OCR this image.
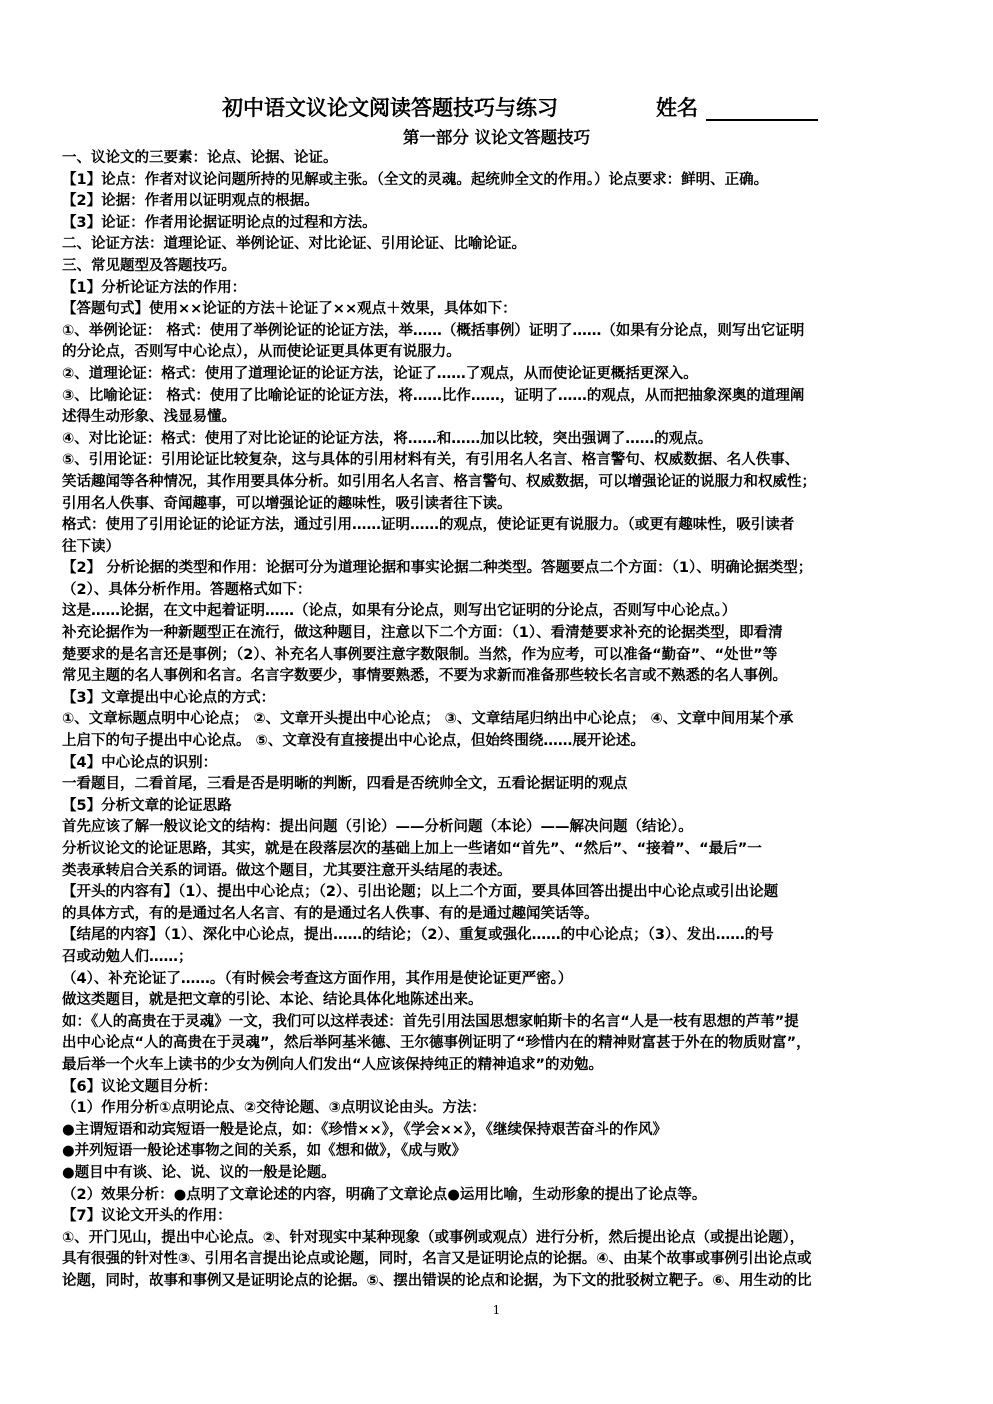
初中语文议论文阅读答题技巧与练习	姓名
第一部分 议论文答题技巧
一、议论文的三要素：论点、论据、论证。
【1】论点：作者对议论问题所持的见解或主张。（全文的灵魂。起统帅全文的作用。）论点要求：鲜明、正确。
【2】论据：作者用以证明观点的根据。
【3】论证：作者用论据证明论点的过程和方法。
二、论证方法：道理论证、举例论证、对比论证、引用论证、比喻论证。
三、常见题型及答题技巧。
【1】分析论证方法的作用：
【答题句式】使用××论证的方法＋论证了××观点＋效果，具体如下：
①、举例论证： 格式：使用了举例论证的论证方法，举……（概括事例）证明了……（如果有分论点，则写出它证明
的分论点，否则写中心论点），从而使论证更具体更有说服力。
②、道理论证：格式：使用了道理论证的论证方法，论证了……了观点，从而使论证更概括更深入。
③、比喻论证： 格式：使用了比喻论证的论证方法，将……比作……，证明了……的观点，从而把抽象深奥的道理阐
述得生动形象、浅显易懂。
④、对比论证：格式：使用了对比论证的论证方法，将……和……加以比较，突出强调了……的观点。
⑤、引用论证：引用论证比较复杂，这与具体的引用材料有关，有引用名人名言、格言警句、权威数据、名人佚事、
笑话趣闻等各种情况，其作用要具体分析。如引用名人名言、格言警句、权威数据，可以增强论证的说服力和权威性；
引用名人佚事、奇闻趣事，可以增强论证的趣味性，吸引读者往下读。
格式：使用了引用论证的论证方法，通过引用……证明……的观点，使论证更有说服力。（或更有趣味性，吸引读者
往下读）
【2】 分析论据的类型和作用：论据可分为道理论据和事实论据二种类型。答题要点二个方面：（1）、明确论据类型；
（2）、具体分析作用。答题格式如下：
这是……论据，在文中起着证明……（论点，如果有分论点，则写出它证明的分论点，否则写中心论点。）
补充论据作为一种新题型正在流行，做这种题目，注意以下二个方面：（1）、看清楚要求补充的论据类型，即看清
楚要求的是名言还是事例；（2）、补充名人事例要注意字数限制。当然，作为应考，可以准备“勤奋”、“处世”等
常见主题的名人事例和名言。名言字数要少，事情要熟悉，不要为求新而准备那些较长名言或不熟悉的名人事例。
【3】文章提出中心论点的方式：
①、文章标题点明中心论点； ②、文章开头提出中心论点； ③、文章结尾归纳出中心论点； ④、文章中间用某个承
上启下的句子提出中心论点。 ⑤、文章没有直接提出中心论点，但始终围绕……展开论述。
【4】中心论点的识别：
一看题目，二看首尾，三看是否是明晰的判断，四看是否统帅全文，五看论据证明的观点
【5】分析文章的论证思路
首先应该了解一般议论文的结构：提出问题（引论）——分析问题（本论）——解决问题（结论）。
分析议论文的论证思路，其实，就是在段落层次的基础上加上一些诸如“首先”、“然后”、“接着”、“最后”一
类表承转启合关系的词语。做这个题目，尤其要注意开头结尾的表述。
【开头的内容有】（1）、提出中心论点；（2）、引出论题；以上二个方面，要具体回答出提出中心论点或引出论题
的具体方式，有的是通过名人名言、有的是通过名人佚事、有的是通过趣闻笑话等。
【结尾的内容】（1）、深化中心论点，提出……的结论；（2）、重复或强化……的中心论点；（3）、发出……的号
召或动勉人们……；
（4）、补充论证了……。（有时候会考查这方面作用，其作用是使论证更严密。）
做这类题目，就是把文章的引论、本论、结论具体化地陈述出来。
如：《人的高贵在于灵魂》一文，我们可以这样表述：首先引用法国思想家帕斯卡的名言“人是一枝有思想的芦苇”提
出中心论点“人的高贵在于灵魂”，然后举阿基米德、王尔德事例证明了“珍惜内在的精神财富甚于外在的物质财富”，
最后举一个火车上读书的少女为例向人们发出“人应该保持纯正的精神追求”的劝勉。
【6】议论文题目分析：
（1）作用分析①点明论点、②交待论题、③点明议论由头。方法：
●主谓短语和动宾短语一般是论点，如：《珍惜××》，《学会××》，《继续保持艰苦奋斗的作风》
●并列短语一般论述事物之间的关系，如《想和做》，《成与败》
●题目中有谈、论、说、议的一般是论题。
（2）效果分析：●点明了文章论述的内容，明确了文章论点●运用比喻，生动形象的提出了论点等。
【7】议论文开头的作用：
①、开门见山，提出中心论点。②、针对现实中某种现象（或事例或观点）进行分析，然后提出论点（或提出论题），
具有很强的针对性③、引用名言提出论点或论题，同时，名言又是证明论点的论据。④、由某个故事或事例引出论点或
论题，同时，故事和事例又是证明论点的论据。⑤、摆出错误的论点和论据，为下文的批驳树立靶子。⑥、用生动的比
1
